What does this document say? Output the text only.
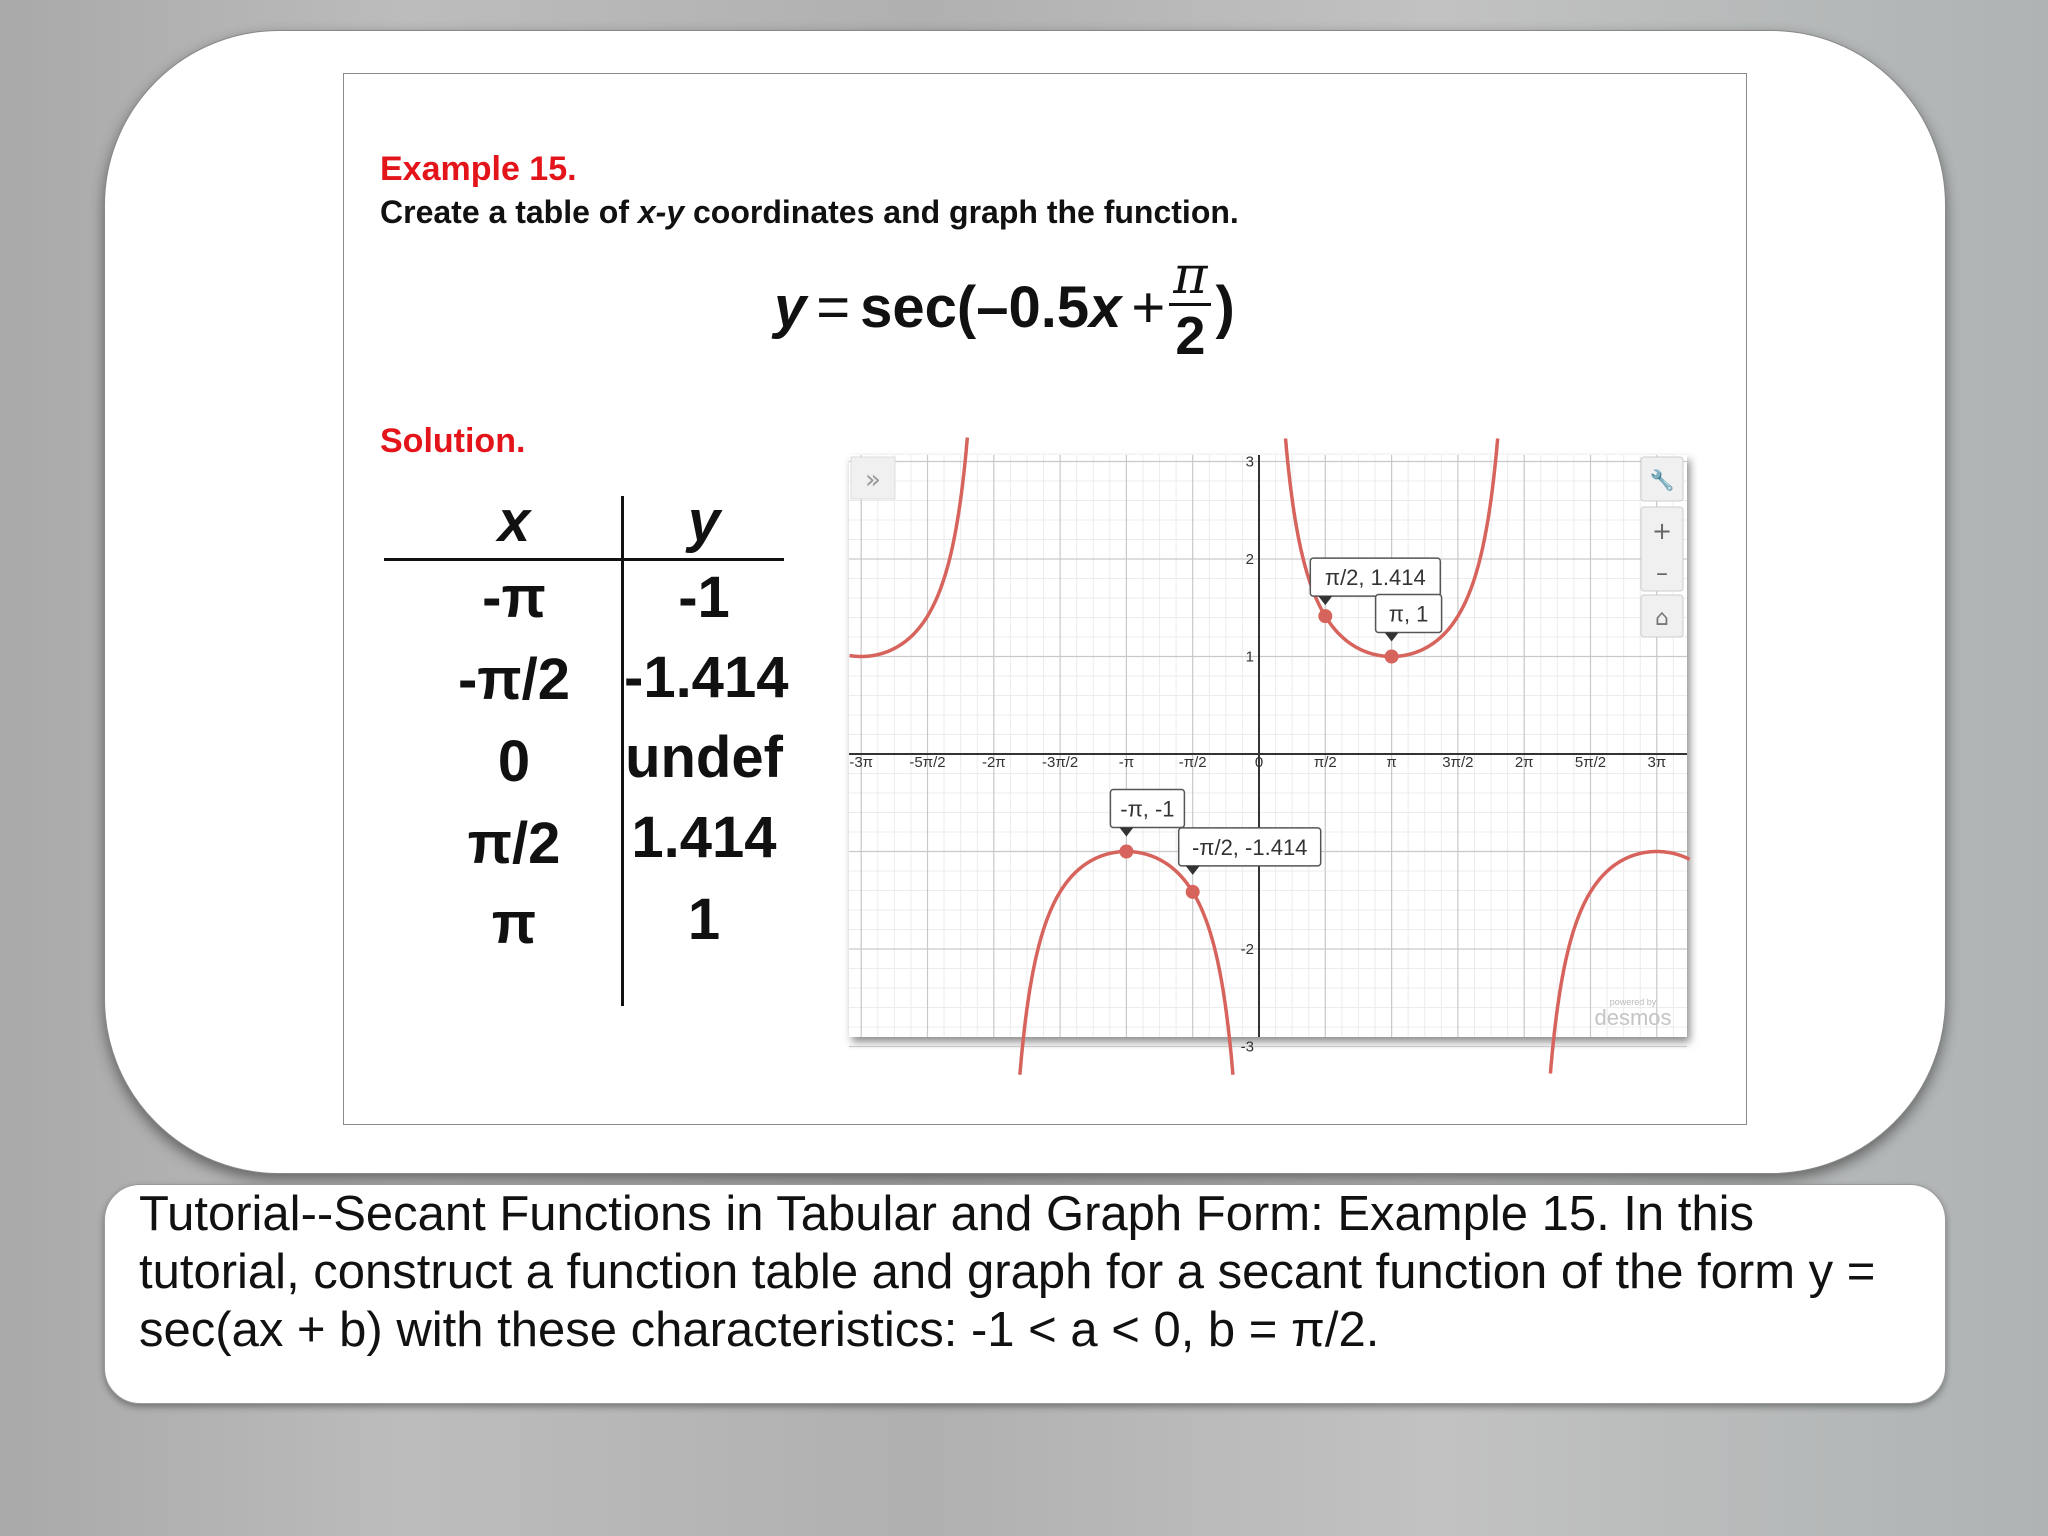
Example 15.

Create a table of x-y coordinates and graph the function.

y = sec( –0.5 $x + \frac{\pi}{2}$ )

Solution.

x	y
-π	-1
-π/2 -1.414
0	undef
π/2	1.414
π	1
-3π -5π/2 -2π -3π/2	-π	-π/2	0	π/2	π	3π/2	2π	5π/2	3π
3
2
1
-2
-3
π/2, 1.414
π, 1
-π, -1
-π/2, -1.414
»	🔧
+
–
⌂
powered by
desmos

Tutorial--Secant Functions in Tabular and Graph Form: Example 15. In this tutorial, construct a function table and graph for a secant function of the form y = sec(ax + b) with these characteristics: -1 < a < 0, b = π/2.
